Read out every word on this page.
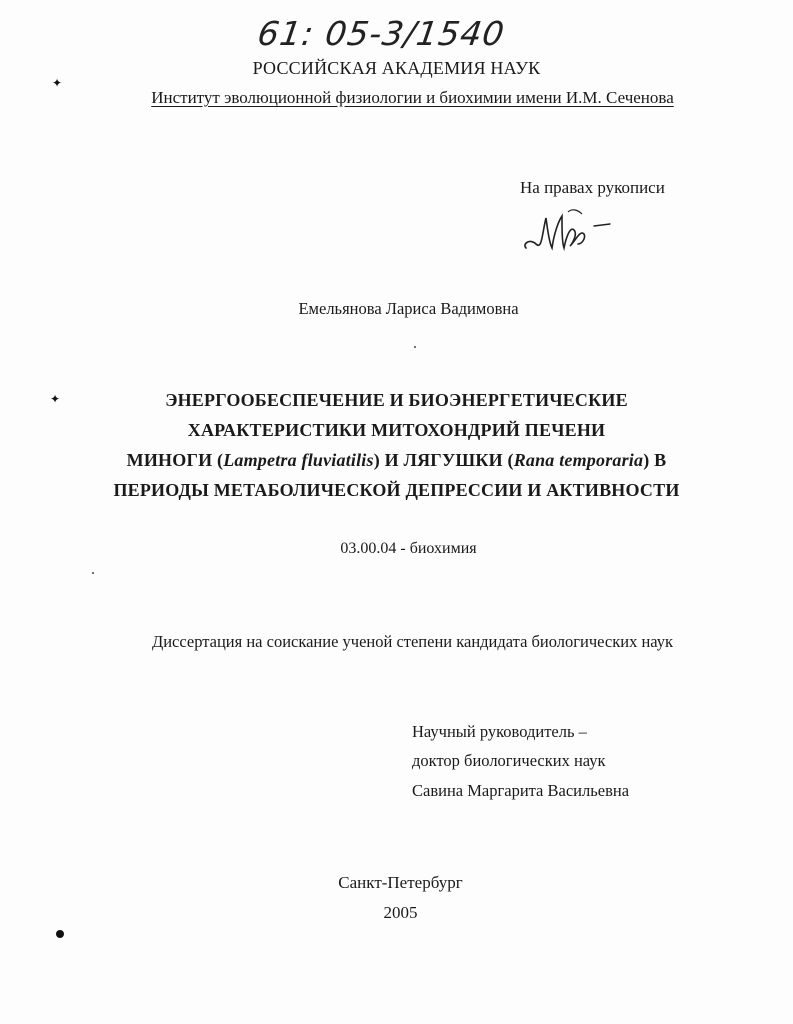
61: 05-3/1540
РОССИЙСКАЯ АКАДЕМИЯ НАУК
Институт эволюционной физиологии и биохимии имени И.М. Сеченова
На правах рукописи
Емельянова Лариса Вадимовна
ЭНЕРГООБЕСПЕЧЕНИЕ И БИОЭНЕРГЕТИЧЕСКИЕ
ХАРАКТЕРИСТИКИ МИТОХОНДРИЙ ПЕЧЕНИ
МИНОГИ (Lampetra fluviatilis) И ЛЯГУШКИ (Rana temporaria) В
ПЕРИОДЫ МЕТАБОЛИЧЕСКОЙ ДЕПРЕССИИ И АКТИВНОСТИ
03.00.04 - биохимия
Диссертация на соискание ученой степени кандидата биологических наук
Научный руководитель –
доктор биологических наук
Савина Маргарита Васильевна
Санкт-Петербург
2005
✦
✦
